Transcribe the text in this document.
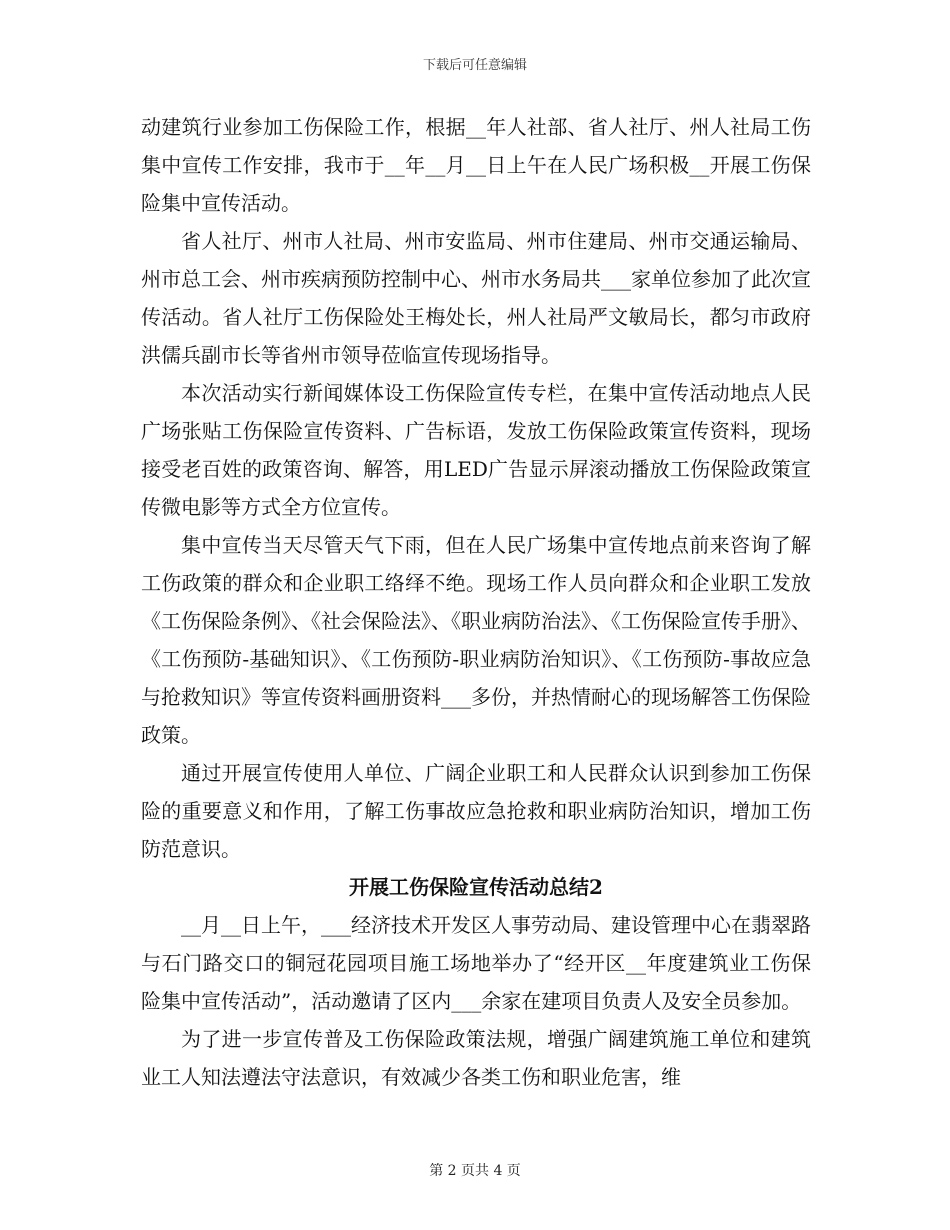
下载后可任意编辑

动建筑行业参加工伤保险工作，根据__年人社部、省人社厅、州人社局工伤集中宣传工作安排，我市于__年__月__日上午在人民广场积极__开展工伤保险集中宣传活动。

省人社厅、州市人社局、州市安监局、州市住建局、州市交通运输局、州市总工会、州市疾病预防控制中心、州市水务局共___家单位参加了此次宣传活动。省人社厅工伤保险处王梅处长，州人社局严文敏局长，都匀市政府洪儒兵副市长等省州市领导莅临宣传现场指导。

本次活动实行新闻媒体设工伤保险宣传专栏，在集中宣传活动地点人民广场张贴工伤保险宣传资料、广告标语，发放工伤保险政策宣传资料，现场接受老百姓的政策咨询、解答，用LED广告显示屏滚动播放工伤保险政策宣传微电影等方式全方位宣传。

集中宣传当天尽管天气下雨，但在人民广场集中宣传地点前来咨询了解工伤政策的群众和企业职工络绎不绝。现场工作人员向群众和企业职工发放《工伤保险条例》、《社会保险法》、《职业病防治法》、《工伤保险宣传手册》、《工伤预防-基础知识》、《工伤预防-职业病防治知识》、《工伤预防-事故应急与抢救知识》等宣传资料画册资料___多份，并热情耐心的现场解答工伤保险政策。

通过开展宣传使用人单位、广阔企业职工和人民群众认识到参加工伤保险的重要意义和作用，了解工伤事故应急抢救和职业病防治知识，增加工伤防范意识。

开展工伤保险宣传活动总结2

__月__日上午，___经济技术开发区人事劳动局、建设管理中心在翡翠路与石门路交口的铜冠花园项目施工场地举办了“经开区__年度建筑业工伤保险集中宣传活动”，活动邀请了区内___余家在建项目负责人及安全员参加。

为了进一步宣传普及工伤保险政策法规，增强广阔建筑施工单位和建筑业工人知法遵法守法意识，有效减少各类工伤和职业危害，维

第 2 页共 4 页
